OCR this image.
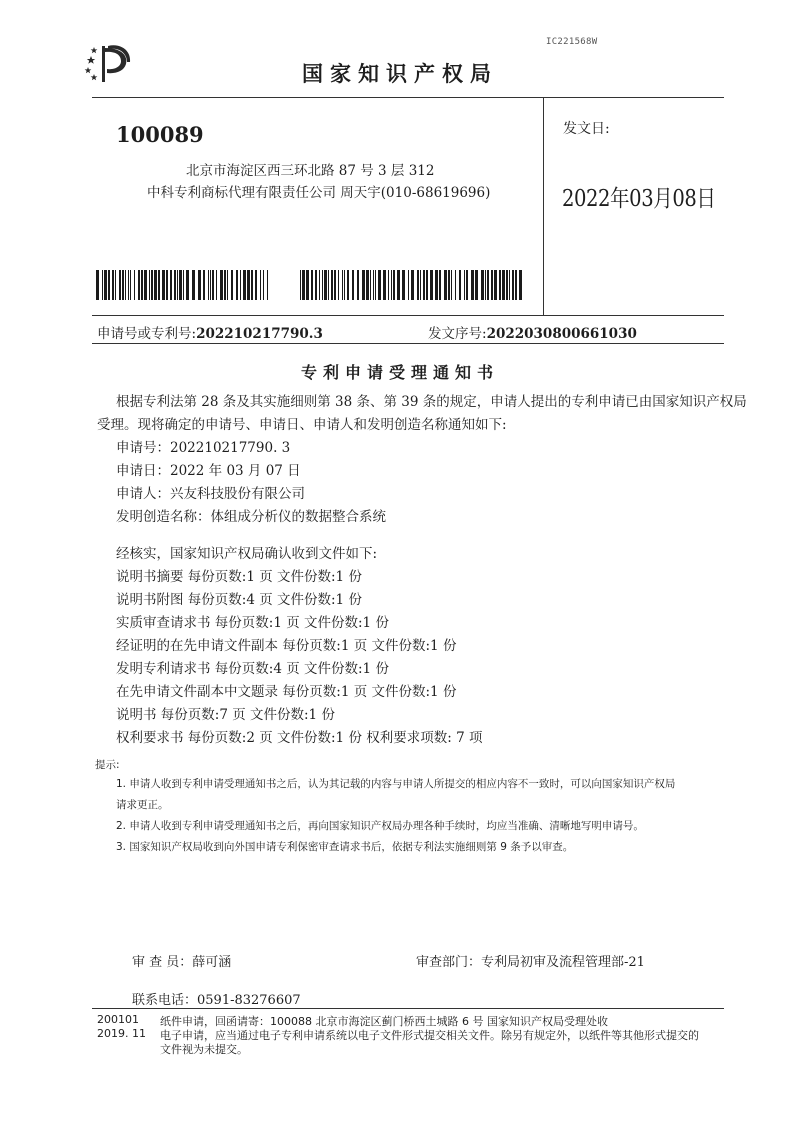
IC221568W
国家知识产权局
100089
北京市海淀区西三环北路 87 号 3 层 312
中科专利商标代理有限责任公司 周天宇(010-68619696)
发文日:
2022年03月08日
申请号或专利号:202210217790.3	发文序号:2022030800661030
专利申请受理通知书
根据专利法第 28 条及其实施细则第 38 条、第 39 条的规定，申请人提出的专利申请已由国家知识产权局
受理。现将确定的申请号、申请日、申请人和发明创造名称通知如下:
申请号：202210217790. 3
申请日：2022 年 03 月 07 日
申请人：兴友科技股份有限公司
发明创造名称：体组成分析仪的数据整合系统
经核实，国家知识产权局确认收到文件如下:
说明书摘要 每份页数:1 页 文件份数:1 份
说明书附图 每份页数:4 页 文件份数:1 份
实质审查请求书 每份页数:1 页 文件份数:1 份
经证明的在先申请文件副本 每份页数:1 页 文件份数:1 份
发明专利请求书 每份页数:4 页 文件份数:1 份
在先申请文件副本中文题录 每份页数:1 页 文件份数:1 份
说明书 每份页数:7 页 文件份数:1 份
权利要求书 每份页数:2 页 文件份数:1 份 权利要求项数: 7 项
提示:
1. 申请人收到专利申请受理通知书之后，认为其记载的内容与申请人所提交的相应内容不一致时，可以向国家知识产权局
请求更正。
2. 申请人收到专利申请受理通知书之后，再向国家知识产权局办理各种手续时，均应当准确、清晰地写明申请号。
3. 国家知识产权局收到向外国申请专利保密审查请求书后，依据专利法实施细则第 9 条予以审查。
审 查 员：薛可涵	审查部门：专利局初审及流程管理部-21
联系电话：0591-83276607
200101
2019. 11
纸件申请，回函请寄：100088 北京市海淀区蓟门桥西土城路 6 号 国家知识产权局受理处收
电子申请，应当通过电子专利申请系统以电子文件形式提交相关文件。除另有规定外，以纸件等其他形式提交的
文件视为未提交。
